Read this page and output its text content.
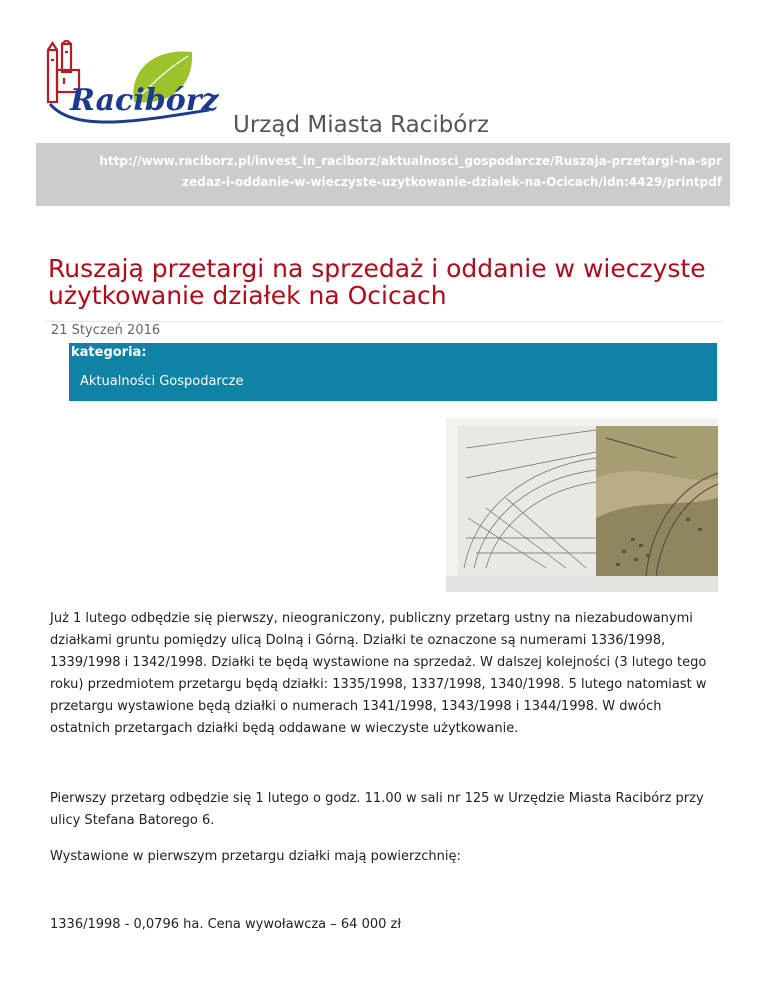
Racibórz
Urząd Miasta Racibórz
http://www.raciborz.pl/invest_in_raciborz/aktualnosci_gospodarcze/Ruszaja-przetargi-na-spr
zedaz-i-oddanie-w-wieczyste-uzytkowanie-dzialek-na-Ocicach/idn:4429/printpdf
Ruszają przetargi na sprzedaż i oddanie w wieczyste użytkowanie działek na Ocicach
21 Styczeń 2016
kategoria:
Aktualności Gospodarcze

Już 1 lutego odbędzie się pierwszy, nieograniczony, publiczny przetarg ustny na niezabudowanymi działkami gruntu pomiędzy ulicą Dolną i Górną. Działki te oznaczone są numerami 1336/1998, 1339/1998 i 1342/1998. Działki te będą wystawione na sprzedaż. W dalszej kolejności (3 lutego tego roku) przedmiotem przetargu będą działki: 1335/1998, 1337/1998, 1340/1998. 5 lutego natomiast w przetargu wystawione będą działki o numerach 1341/1998, 1343/1998 i 1344/1998. W dwóch ostatnich przetargach działki będą oddawane w wieczyste użytkowanie.

Pierwszy przetarg odbędzie się 1 lutego o godz. 11.00 w sali nr 125 w Urzędzie Miasta Racibórz przy ulicy Stefana Batorego 6.

Wystawione w pierwszym przetargu działki mają powierzchnię:

1336/1998 - 0,0796 ha. Cena wywoławcza – 64 000 zł
